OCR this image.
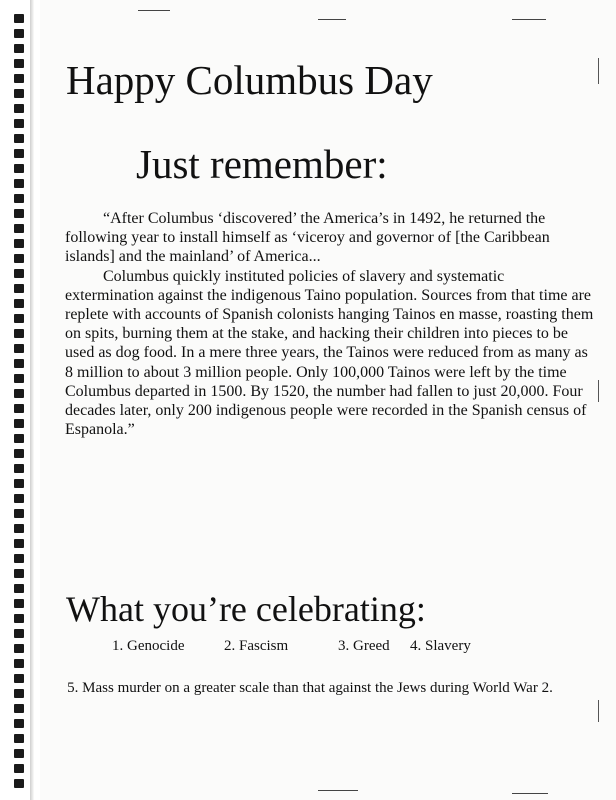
Happy Columbus Day
Just remember:

“After Columbus ‘discovered’ the America’s in 1492, he returned the following year to install himself as ‘viceroy and governor of [the Caribbean islands] and the mainland’ of America...

Columbus quickly instituted policies of slavery and systematic extermination against the indigenous Taino population. Sources from that time are replete with accounts of Spanish colonists hanging Tainos en masse, roasting them on spits, burning them at the stake, and hacking their children into pieces to be used as dog food. In a mere three years, the Tainos were reduced from as many as 8 million to about 3 million people. Only 100,000 Tainos were left by the time Columbus departed in 1500. By 1520, the number had fallen to just 20,000. Four decades later, only 200 indigenous people were recorded in the Spanish census of Espanola.”

What you’re celebrating:
1. Genocide	2. Fascism	3. Greed 4. Slavery
5. Mass murder on a greater scale than that against the Jews during World War 2.
